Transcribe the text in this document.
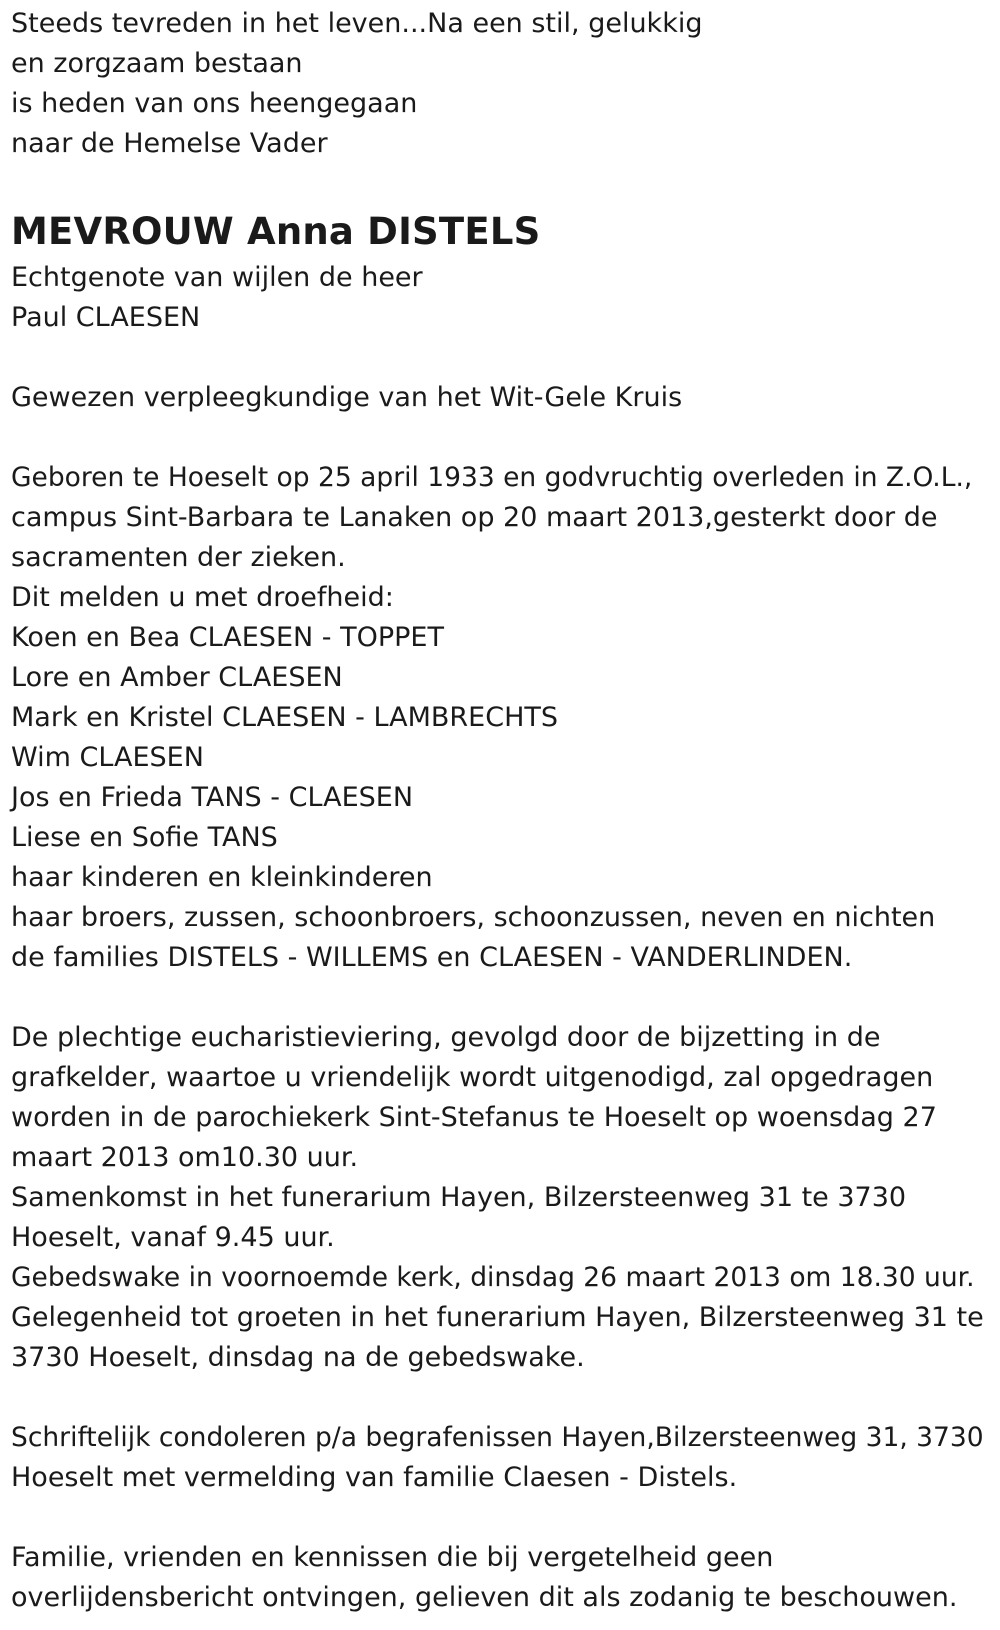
Steeds tevreden in het leven...Na een stil, gelukkig
en zorgzaam bestaan
is heden van ons heengegaan
naar de Hemelse Vader
MEVROUW Anna DISTELS
Echtgenote van wijlen de heer
Paul CLAESEN
Gewezen verpleegkundige van het Wit-Gele Kruis
Geboren te Hoeselt op 25 april 1933 en godvruchtig overleden in Z.O.L.,
campus Sint-Barbara te Lanaken op 20 maart 2013,gesterkt door de
sacramenten der zieken.
Dit melden u met droefheid:
Koen en Bea CLAESEN - TOPPET
Lore en Amber CLAESEN
Mark en Kristel CLAESEN - LAMBRECHTS
Wim CLAESEN
Jos en Frieda TANS - CLAESEN
Liese en Sofie TANS
haar kinderen en kleinkinderen
haar broers, zussen, schoonbroers, schoonzussen, neven en nichten
de families DISTELS - WILLEMS en CLAESEN - VANDERLINDEN.
De plechtige eucharistieviering, gevolgd door de bijzetting in de
grafkelder, waartoe u vriendelijk wordt uitgenodigd, zal opgedragen
worden in de parochiekerk Sint-Stefanus te Hoeselt op woensdag 27
maart 2013 om10.30 uur.
Samenkomst in het funerarium Hayen, Bilzersteenweg 31 te 3730
Hoeselt, vanaf 9.45 uur.
Gebedswake in voornoemde kerk, dinsdag 26 maart 2013 om 18.30 uur.
Gelegenheid tot groeten in het funerarium Hayen, Bilzersteenweg 31 te
3730 Hoeselt, dinsdag na de gebedswake.
Schriftelijk condoleren p/a begrafenissen Hayen,Bilzersteenweg 31, 3730
Hoeselt met vermelding van familie Claesen - Distels.
Familie, vrienden en kennissen die bij vergetelheid geen
overlijdensbericht ontvingen, gelieven dit als zodanig te beschouwen.
